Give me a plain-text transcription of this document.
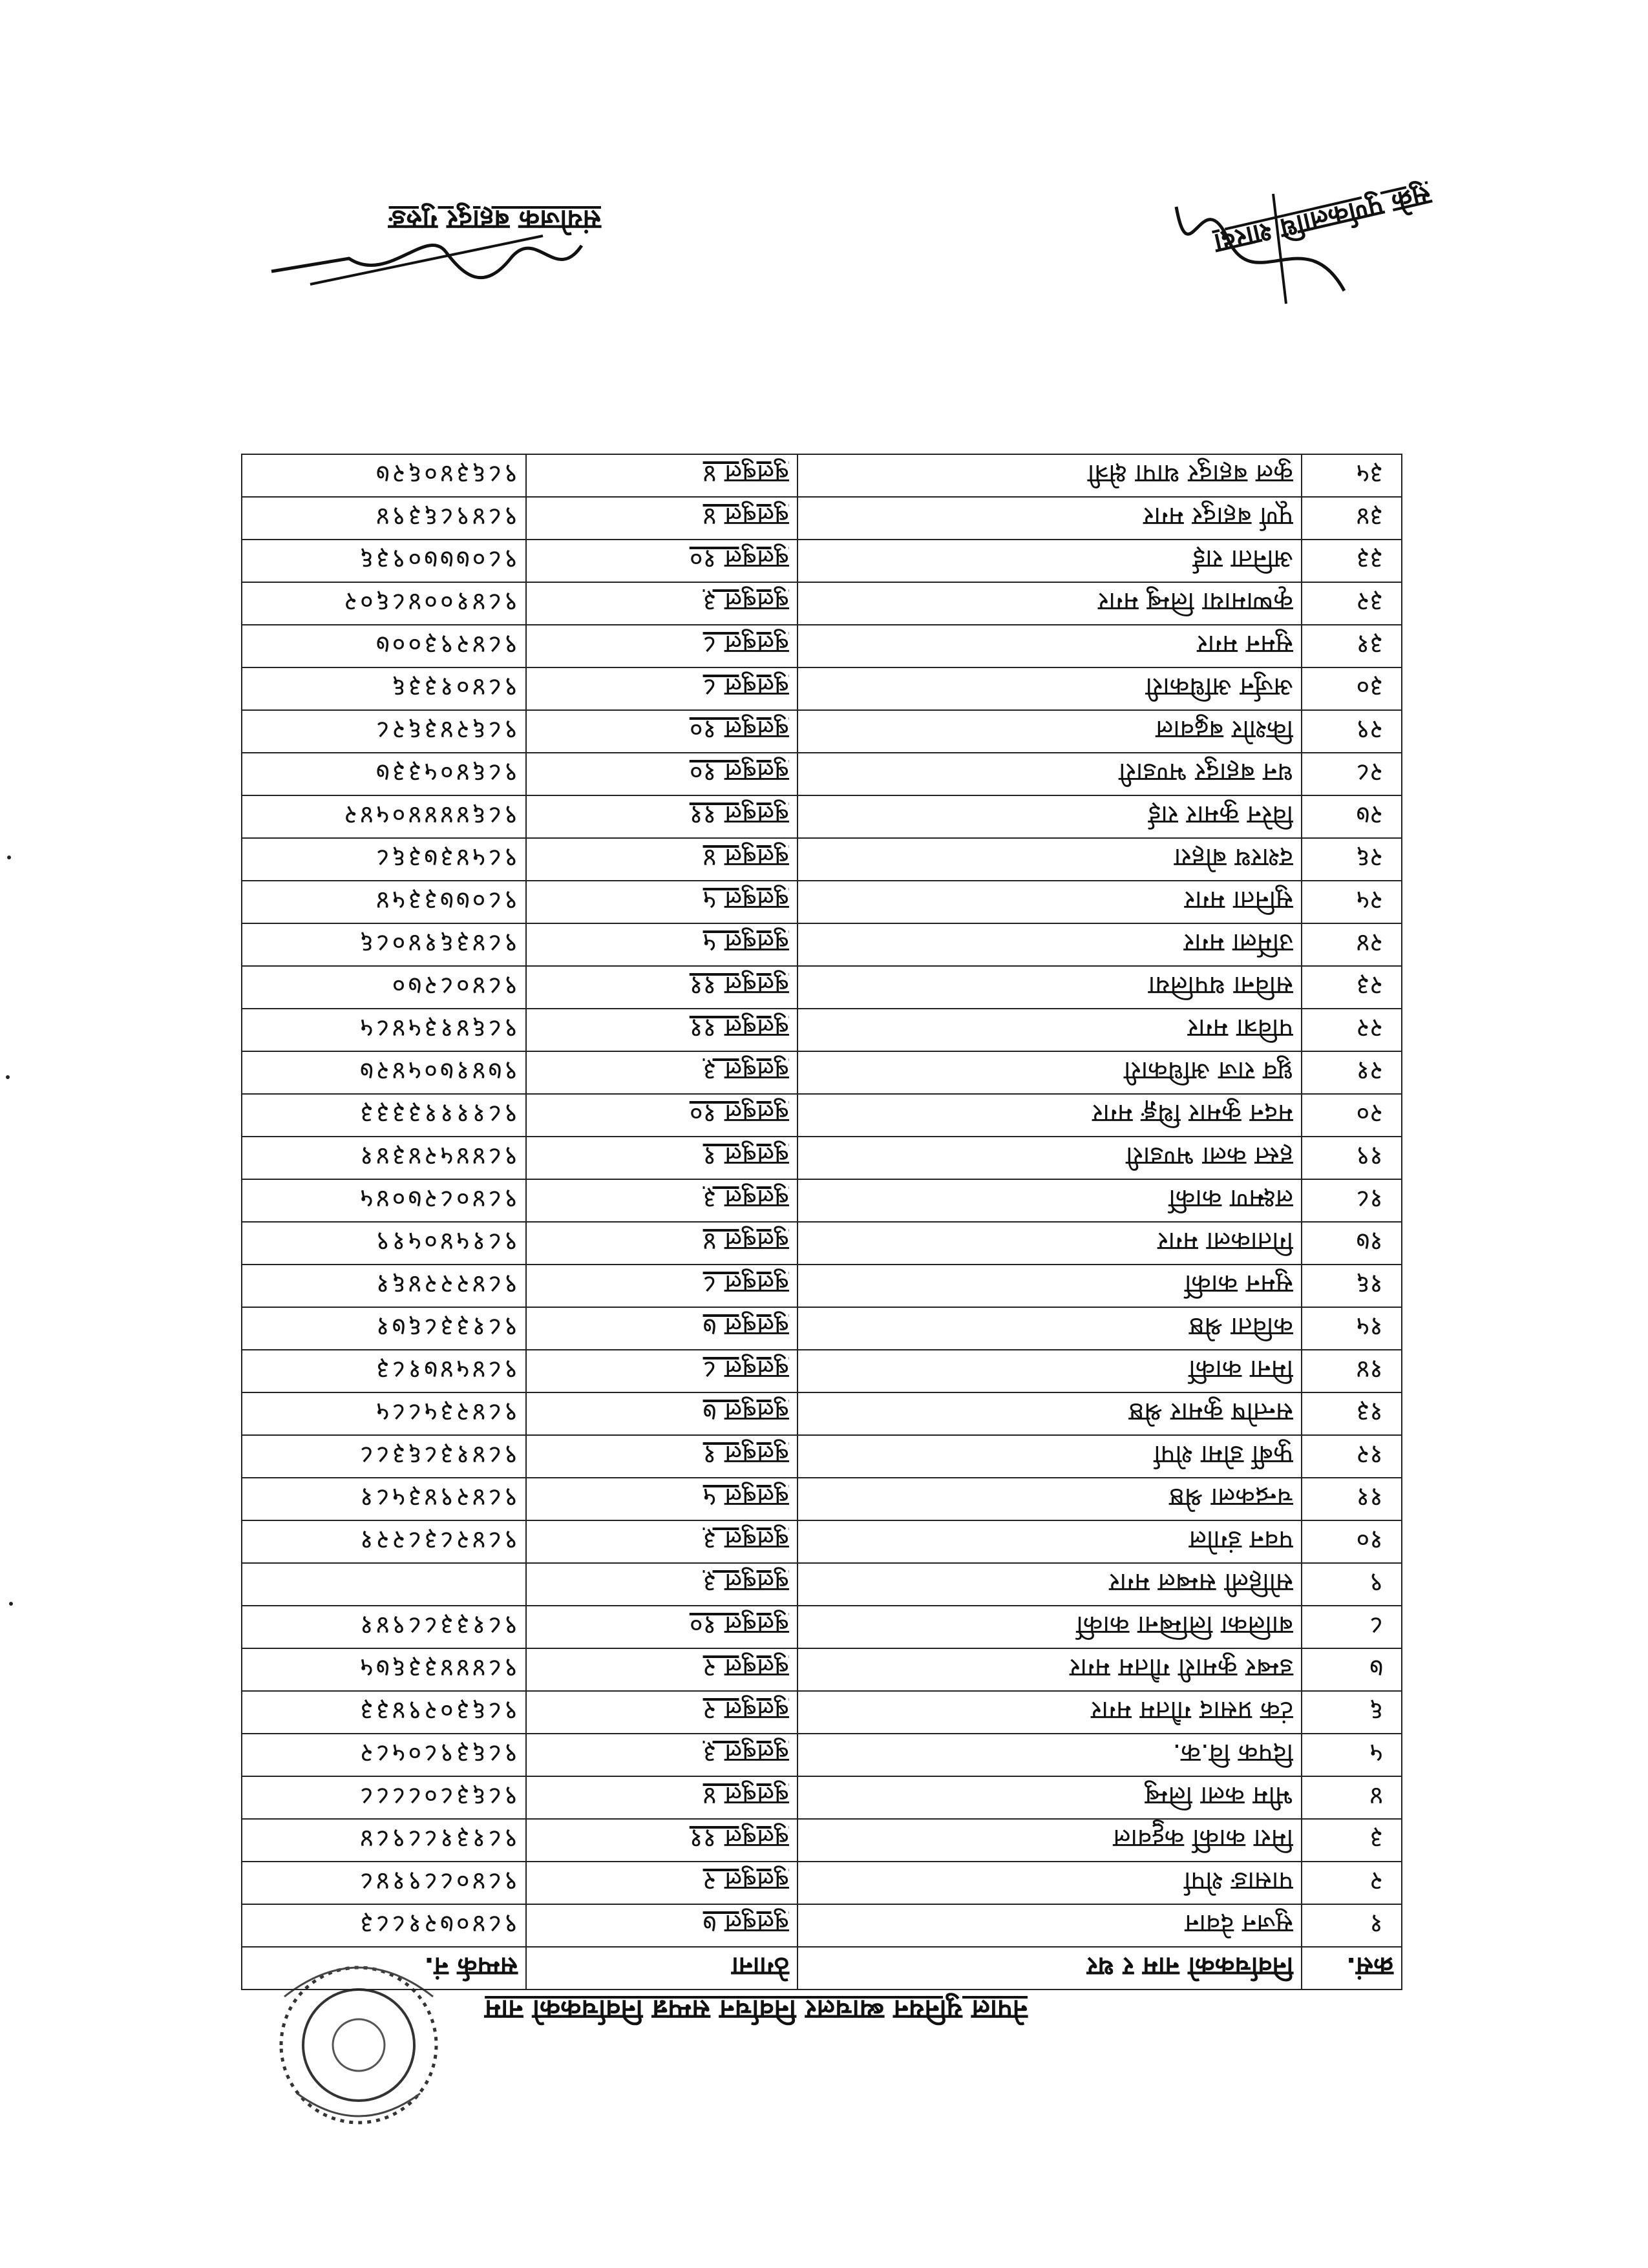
नेपाल युनियन ब्याचलर निर्वाचन सम्पन्न निर्वाचकको नाम
क्रसं.	निर्वाचकको नाम र थर	ठेगाना	सम्पर्क नं.
१	सुजन देवान	बुलबुल ७	९८४०७२१८८३
२	पासाङ शेर्पा	बुलबुल २	९८४०८८९१४८
३	मिरा कार्की कट्टुवाल	बुलबुल ११	९८१३१८८९८४
४	भीम कला लिम्बु	बुलबुल ४	९८६३८०८८८८
५	दिपक वि.क.	बुलबुल ३	९८६३९८०५८२
६	टंक प्रसाद गौतम मगर	बुलबुल २	९८६३०२९४३३
७	डम्बर कुमारी गौतम मगर	बुलबुल २	९८४४४३३६७५
८	बालिका लिम्बिना कार्की	बुलबुल १०	९८१३३८८९४१
९	सोहिली सम्बल मगर	बुलबुल ३	
१०	पवन डंगोल	बुलबुल ३	९८४२८३८२२१
११	चन्द्रकला श्रेष्ठ	बुलबुल ५	९८४२९४३५८१
१२	फुर्बी डोमा शेर्पा	बुलबुल १	९८४१३८६३८८
१३	सन्तोष कुमार श्रेष्ठ	बुलबुल ७	९८४२३५८८५
१४	मिना कार्की	बुलबुल ८	९८४५४७१८३
१५	कविता श्रेष्ठ	बुलबुल ७	९८१३३८६७१
१६	सुमन कार्की	बुलबुल ८	९८४२२२४६१
१७	गिताकला मगर	बुलबुल ४	९८१५४०५१९
१८	लक्ष्मण कार्की	बुलबुल ३	९८४०८२७०४५
१९	हस्त कला भण्डारी	बुलबुल १	९८४४५२४३४१
२०	मदन कुमार थिङ्ग मगर	बुलबुल १०	९८११११३३३३
२१	ध्रुव राज अधिकारी	बुलबुल ३	९७४१७०५४२७
२२	पवित्रा मगर	बुलबुल ११	९८६४१३५४८५
२३	सविना थपलिया	बुलबुल ११	९८४०८२७०
२४	उर्मिला मगर	बुलबुल ५	९८४३६१४०८६
२५	सुनिता मगर	बुलबुल ५	९८०७७३३५४
२६	दशरथ बोहरा	बुलबुल ४	९८५४३७३६८
२७	विरेन कुमार राई	बुलबुल ११	९८६४४४४०५४२
२८	धन बहादुर भण्डारी	बुलबुल १०	९८६४०५३३७
२९	किशोर बढुवाल	बुलबुल १०	९८६२४३६२८
३०	अर्जुन अधिकारी	बुलबुल ८	९८४०१३३६
३१	सुमन मगर	बुलबुल ८	९८४२९३००७
३२	कृष्णमाया लिम्बु मगर	बुलबुल ३	९८४१००४८६०२
३३	अनिता राई	बुलबुल १०	९८०७७७०९३६
३४	पूर्ण बहादुर मगर	बुलबुल ४	९८४९८६३९४
३५	कुल बहादुर थापा क्षेत्री	बुलबुल ४	९८६३४०६२७
संयोजक बहादुर गुरुङ	सुक्रे पुर्णकलाधि शारदा
